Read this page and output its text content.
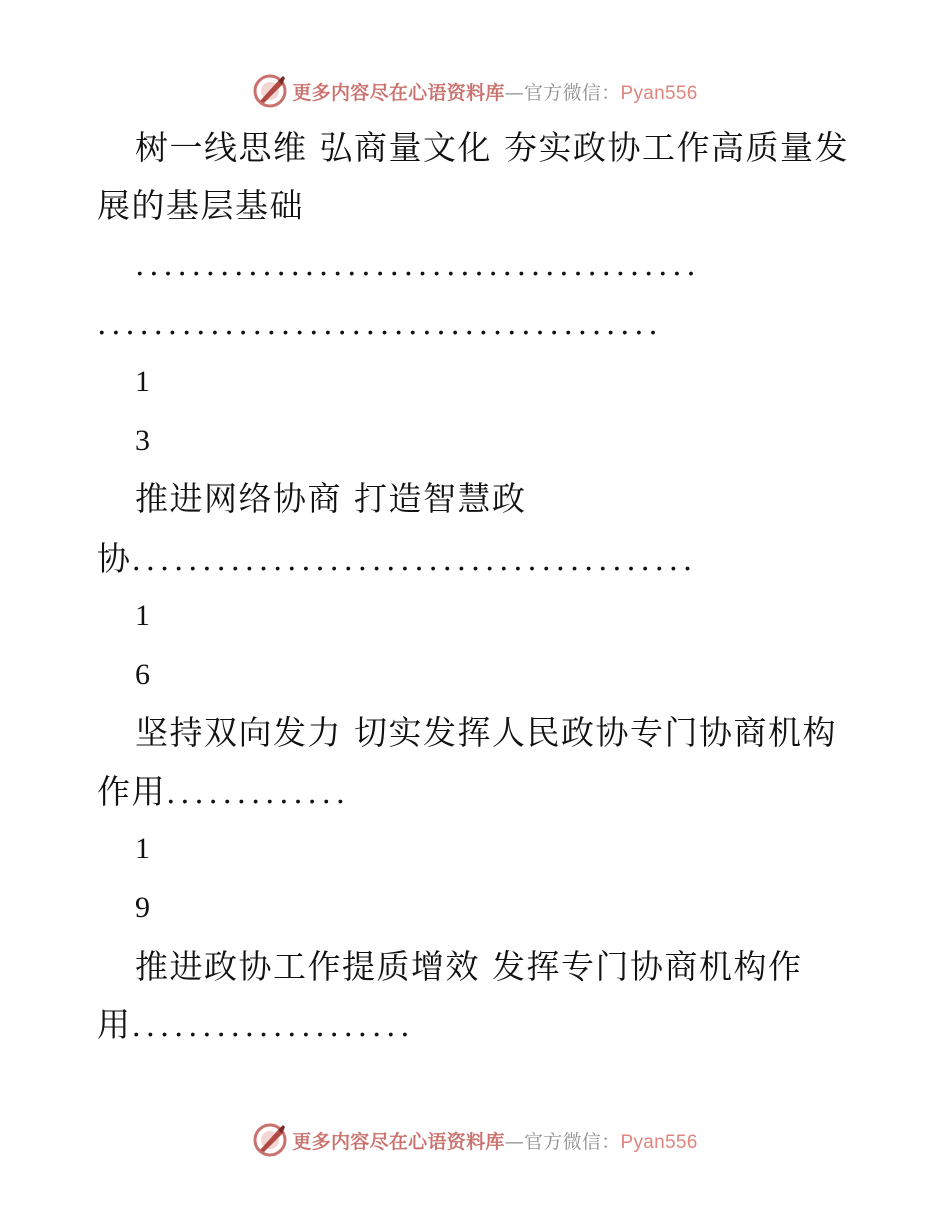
更多内容尽在心语资料库—官方微信：Pyan556
树一线思维 弘商量文化 夯实政协工作高质量发
展的基层基础
........................................
........................................
1
3
推进网络协商 打造智慧政
协........................................
1
6
坚持双向发力 切实发挥人民政协专门协商机构
作用.............
1
9
推进政协工作提质增效 发挥专门协商机构作
用....................
更多内容尽在心语资料库—官方微信：Pyan556
